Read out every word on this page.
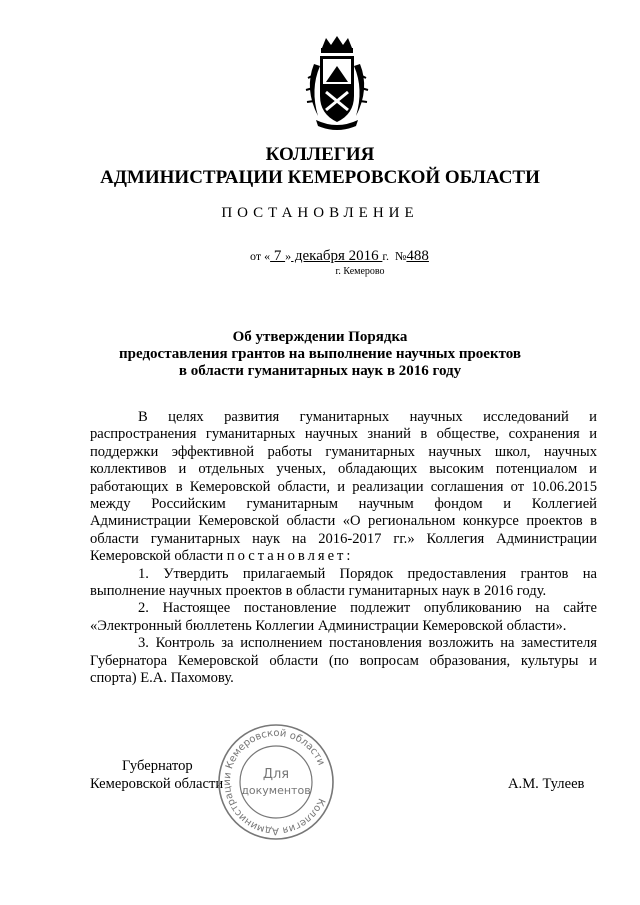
КОЛЛЕГИЯ
АДМИНИСТРАЦИИ КЕМЕРОВСКОЙ ОБЛАСТИ
ПОСТАНОВЛЕНИЕ
от « 7 » декабря 2016 г. №488
г. Кемерово
Об утверждении Порядка
предоставления грантов на выполнение научных проектов
в области гуманитарных наук в 2016 году

В целях развития гуманитарных научных исследований и распространения гуманитарных научных знаний в обществе, сохранения и поддержки эффективной работы гуманитарных научных школ, научных коллективов и отдельных ученых, обладающих высоким потенциалом и работающих в Кемеровской области, и реализации соглашения от 10.06.2015 между Российским гуманитарным научным фондом и Коллегией Администрации Кемеровской области «О региональном конкурсе проектов в области гуманитарных наук на 2016-2017 гг.» Коллегия Администрации Кемеровской области постановляет:

1. Утвердить прилагаемый Порядок предоставления грантов на выполнение научных проектов в области гуманитарных наук в 2016 году.

2. Настоящее постановление подлежит опубликованию на сайте «Электронный бюллетень Коллегии Администрации Кемеровской области».

3. Контроль за исполнением постановления возложить на заместителя Губернатора Кемеровской области (по вопросам образования, культуры и спорта) Е.А. Пахомову.

Губернатор
Кемеровской области	А.М. Тулеев
Коллегия Администрации Кемеровской области
Для
документов
